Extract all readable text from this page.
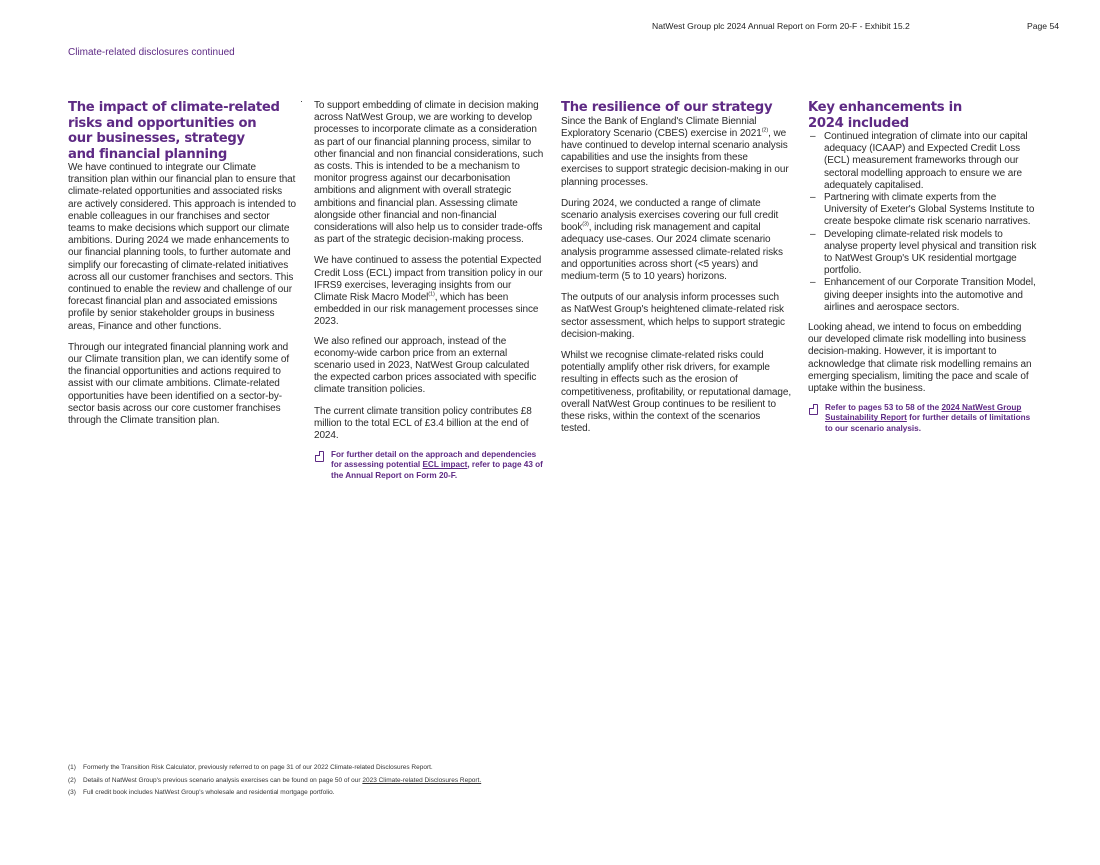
NatWest Group plc 2024 Annual Report on Form 20-F - Exhibit 15.2	Page 54
Climate-related disclosures continued
The impact of climate-related
risks and opportunities on
our businesses, strategy
and financial planning

We have continued to integrate our Climate transition plan within our financial plan to ensure that climate-related opportunities and associated risks are actively considered. This approach is intended to enable colleagues in our franchises and sector teams to make decisions which support our climate ambitions. During 2024 we made enhancements to our financial planning tools, to further automate and simplify our forecasting of climate-related initiatives across all our customer franchises and sectors. This continued to enable the review and challenge of our forecast financial plan and associated emissions profile by senior stakeholder groups in business areas, Finance and other functions.

Through our integrated financial planning work and our Climate transition plan, we can identify some of the financial opportunities and actions required to assist with our climate ambitions. Climate-related opportunities have been identified on a sector-by-sector basis across our core customer franchises through the Climate transition plan.

To support embedding of climate in decision making across NatWest Group, we are working to develop processes to incorporate climate as a consideration as part of our financial planning process, similar to other financial and non financial considerations, such as costs. This is intended to be a mechanism to monitor progress against our decarbonisation ambitions and alignment with overall strategic ambitions and financial plan. Assessing climate alongside other financial and non-financial considerations will also help us to consider trade-offs as part of the strategic decision-making process.

We have continued to assess the potential Expected Credit Loss (ECL) impact from transition policy in our IFRS9 exercises, leveraging insights from our Climate Risk Macro Model$^{(1)}$, which has been embedded in our risk management processes since 2023.

We also refined our approach, instead of the economy-wide carbon price from an external scenario used in 2023, NatWest Group calculated the expected carbon prices associated with specific climate transition policies.

The current climate transition policy contributes £8 million to the total ECL of £3.4 billion at the end of 2024.

For further detail on the approach and dependencies for assessing potential ECL impact, refer to page 43 of the Annual Report on Form 20-F.
The resilience of our strategy

Since the Bank of England's Climate Biennial Exploratory Scenario (CBES) exercise in 2021$^{(2)}$, we have continued to develop internal scenario analysis capabilities and use the insights from these exercises to support strategic decision-making in our planning processes.

During 2024, we conducted a range of climate scenario analysis exercises covering our full credit book$^{(3)}$, including risk management and capital adequacy use-cases. Our 2024 climate scenario analysis programme assessed climate-related risks and opportunities across short (<5 years) and medium-term (5 to 10 years) horizons.

The outputs of our analysis inform processes such as NatWest Group's heightened climate-related risk sector assessment, which helps to support strategic decision-making.

Whilst we recognise climate-related risks could potentially amplify other risk drivers, for example resulting in effects such as the erosion of competitiveness, profitability, or reputational damage, overall NatWest Group continues to be resilient to these risks, within the context of the scenarios tested.

Key enhancements in
2024 included
– Continued integration of climate into our capital adequacy (ICAAP) and Expected Credit Loss (ECL) measurement frameworks through our sectoral modelling approach to ensure we are adequately capitalised.
– Partnering with climate experts from the University of Exeter's Global Systems Institute to create bespoke climate risk scenario narratives.
– Developing climate-related risk models to analyse property level physical and transition risk to NatWest Group's UK residential mortgage portfolio.
– Enhancement of our Corporate Transition Model, giving deeper insights into the automotive and airlines and aerospace sectors.

Looking ahead, we intend to focus on embedding our developed climate risk modelling into business decision-making. However, it is important to acknowledge that climate risk modelling remains an emerging specialism, limiting the pace and scale of uptake within the business.

Refer to pages 53 to 58 of the 2024 NatWest Group Sustainability Report for further details of limitations to our scenario analysis.
(1) Formerly the Transition Risk Calculator, previously referred to on page 31 of our 2022 Climate-related Disclosures Report.
(2) Details of NatWest Group's previous scenario analysis exercises can be found on page 50 of our 2023 Climate-related Disclosures Report.
(3) Full credit book includes NatWest Group's wholesale and residential mortgage portfolio.
